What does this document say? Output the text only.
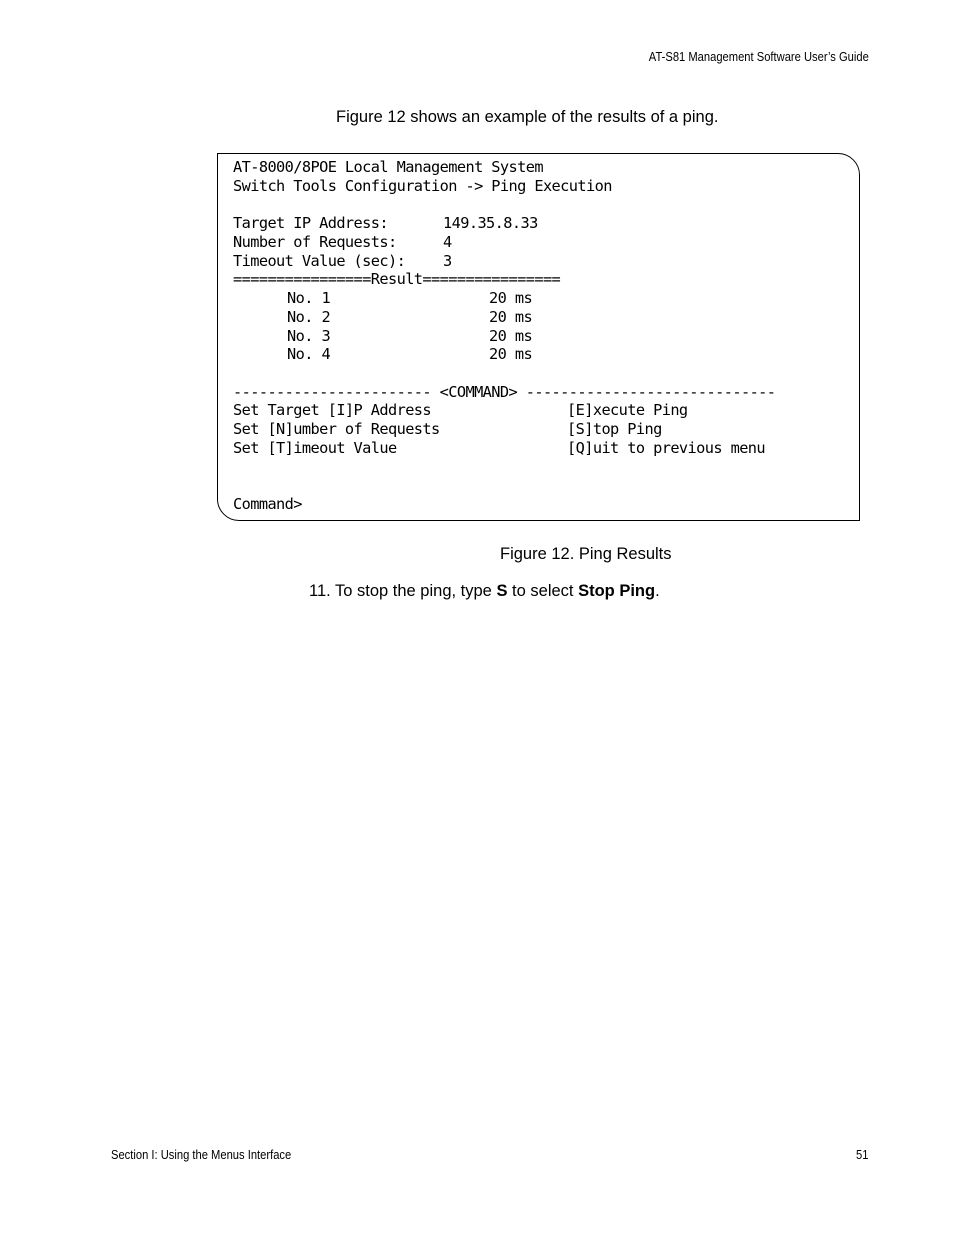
AT-S81 Management Software User’s Guide
Figure 12 shows an example of the results of a ping.
AT-8000/8POE Local Management System
Switch Tools Configuration -> Ping Execution
Target IP Address:	149.35.8.33
Number of Requests:	4
Timeout Value (sec): 3
================Result================
No. 1	20 ms
No. 2	20 ms
No. 3	20 ms
No. 4	20 ms
----------------------- <COMMAND> -----------------------------
Set Target [I]P Address	[E]xecute Ping
Set [N]umber of Requests	[S]top Ping
Set [T]imeout Value	[Q]uit to previous menu
Command>
Figure 12. Ping Results
11. To stop the ping, type S to select Stop Ping.
Section I: Using the Menus Interface	51
